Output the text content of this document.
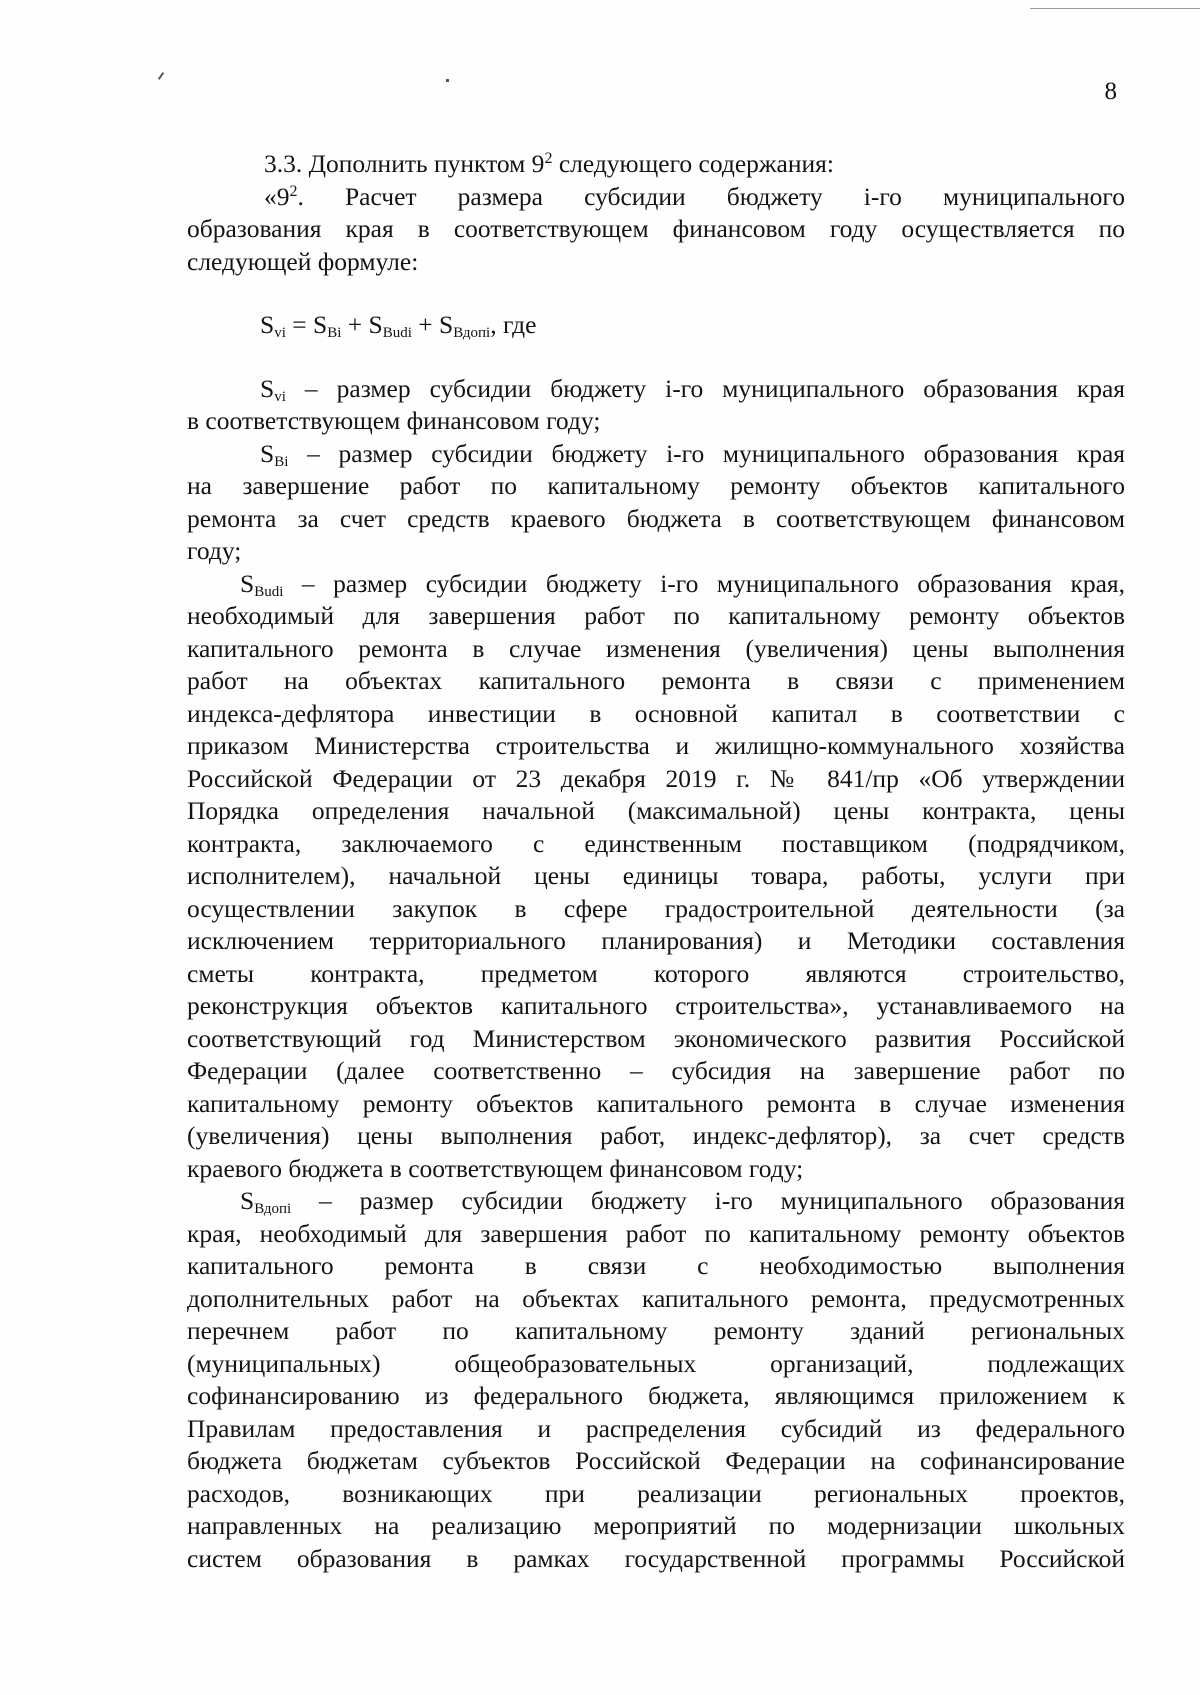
8
3.3. Дополнить пунктом $9^2$ следующего содержания:
«$9^2$. Расчет размера субсидии бюджету i-го муниципального
образования края в соответствующем финансовом году осуществляется по
следующей формуле:
$S_{vi} = S_{Bi} + S_{Budi} + S_{Вдопi}$, где
$S_{vi}$ – размер субсидии бюджету i-го муниципального образования края
в соответствующем финансовом году;
$S_{Bi}$ – размер субсидии бюджету i-го муниципального образования края
на завершение работ по капитальному ремонту объектов капитального
ремонта за счет средств краевого бюджета в соответствующем финансовом
году;
$S_{Budi}$ – размер субсидии бюджету i-го муниципального образования края,
необходимый для завершения работ по капитальному ремонту объектов
капитального ремонта в случае изменения (увеличения) цены выполнения
работ на объектах капитального ремонта в связи с применением
индекса-дефлятора инвестиции в основной капитал в соответствии с
приказом Министерства строительства и жилищно-коммунального хозяйства
Российской Федерации от 23 декабря 2019 г. № 841/пр «Об утверждении
Порядка определения начальной (максимальной) цены контракта, цены
контракта, заключаемого с единственным поставщиком (подрядчиком,
исполнителем), начальной цены единицы товара, работы, услуги при
осуществлении закупок в сфере градостроительной деятельности (за
исключением территориального планирования) и Методики составления
сметы контракта, предметом которого являются строительство,
реконструкция объектов капитального строительства», устанавливаемого на
соответствующий год Министерством экономического развития Российской
Федерации (далее соответственно – субсидия на завершение работ по
капитальному ремонту объектов капитального ремонта в случае изменения
(увеличения) цены выполнения работ, индекс-дефлятор), за счет средств
краевого бюджета в соответствующем финансовом году;
$S_{Вдопi}$ – размер субсидии бюджету i-го муниципального образования
края, необходимый для завершения работ по капитальному ремонту объектов
капитального ремонта в связи с необходимостью выполнения
дополнительных работ на объектах капитального ремонта, предусмотренных
перечнем работ по капитальному ремонту зданий региональных
(муниципальных) общеобразовательных организаций, подлежащих
софинансированию из федерального бюджета, являющимся приложением к
Правилам предоставления и распределения субсидий из федерального
бюджета бюджетам субъектов Российской Федерации на софинансирование
расходов, возникающих при реализации региональных проектов,
направленных на реализацию мероприятий по модернизации школьных
систем образования в рамках государственной программы Российской
